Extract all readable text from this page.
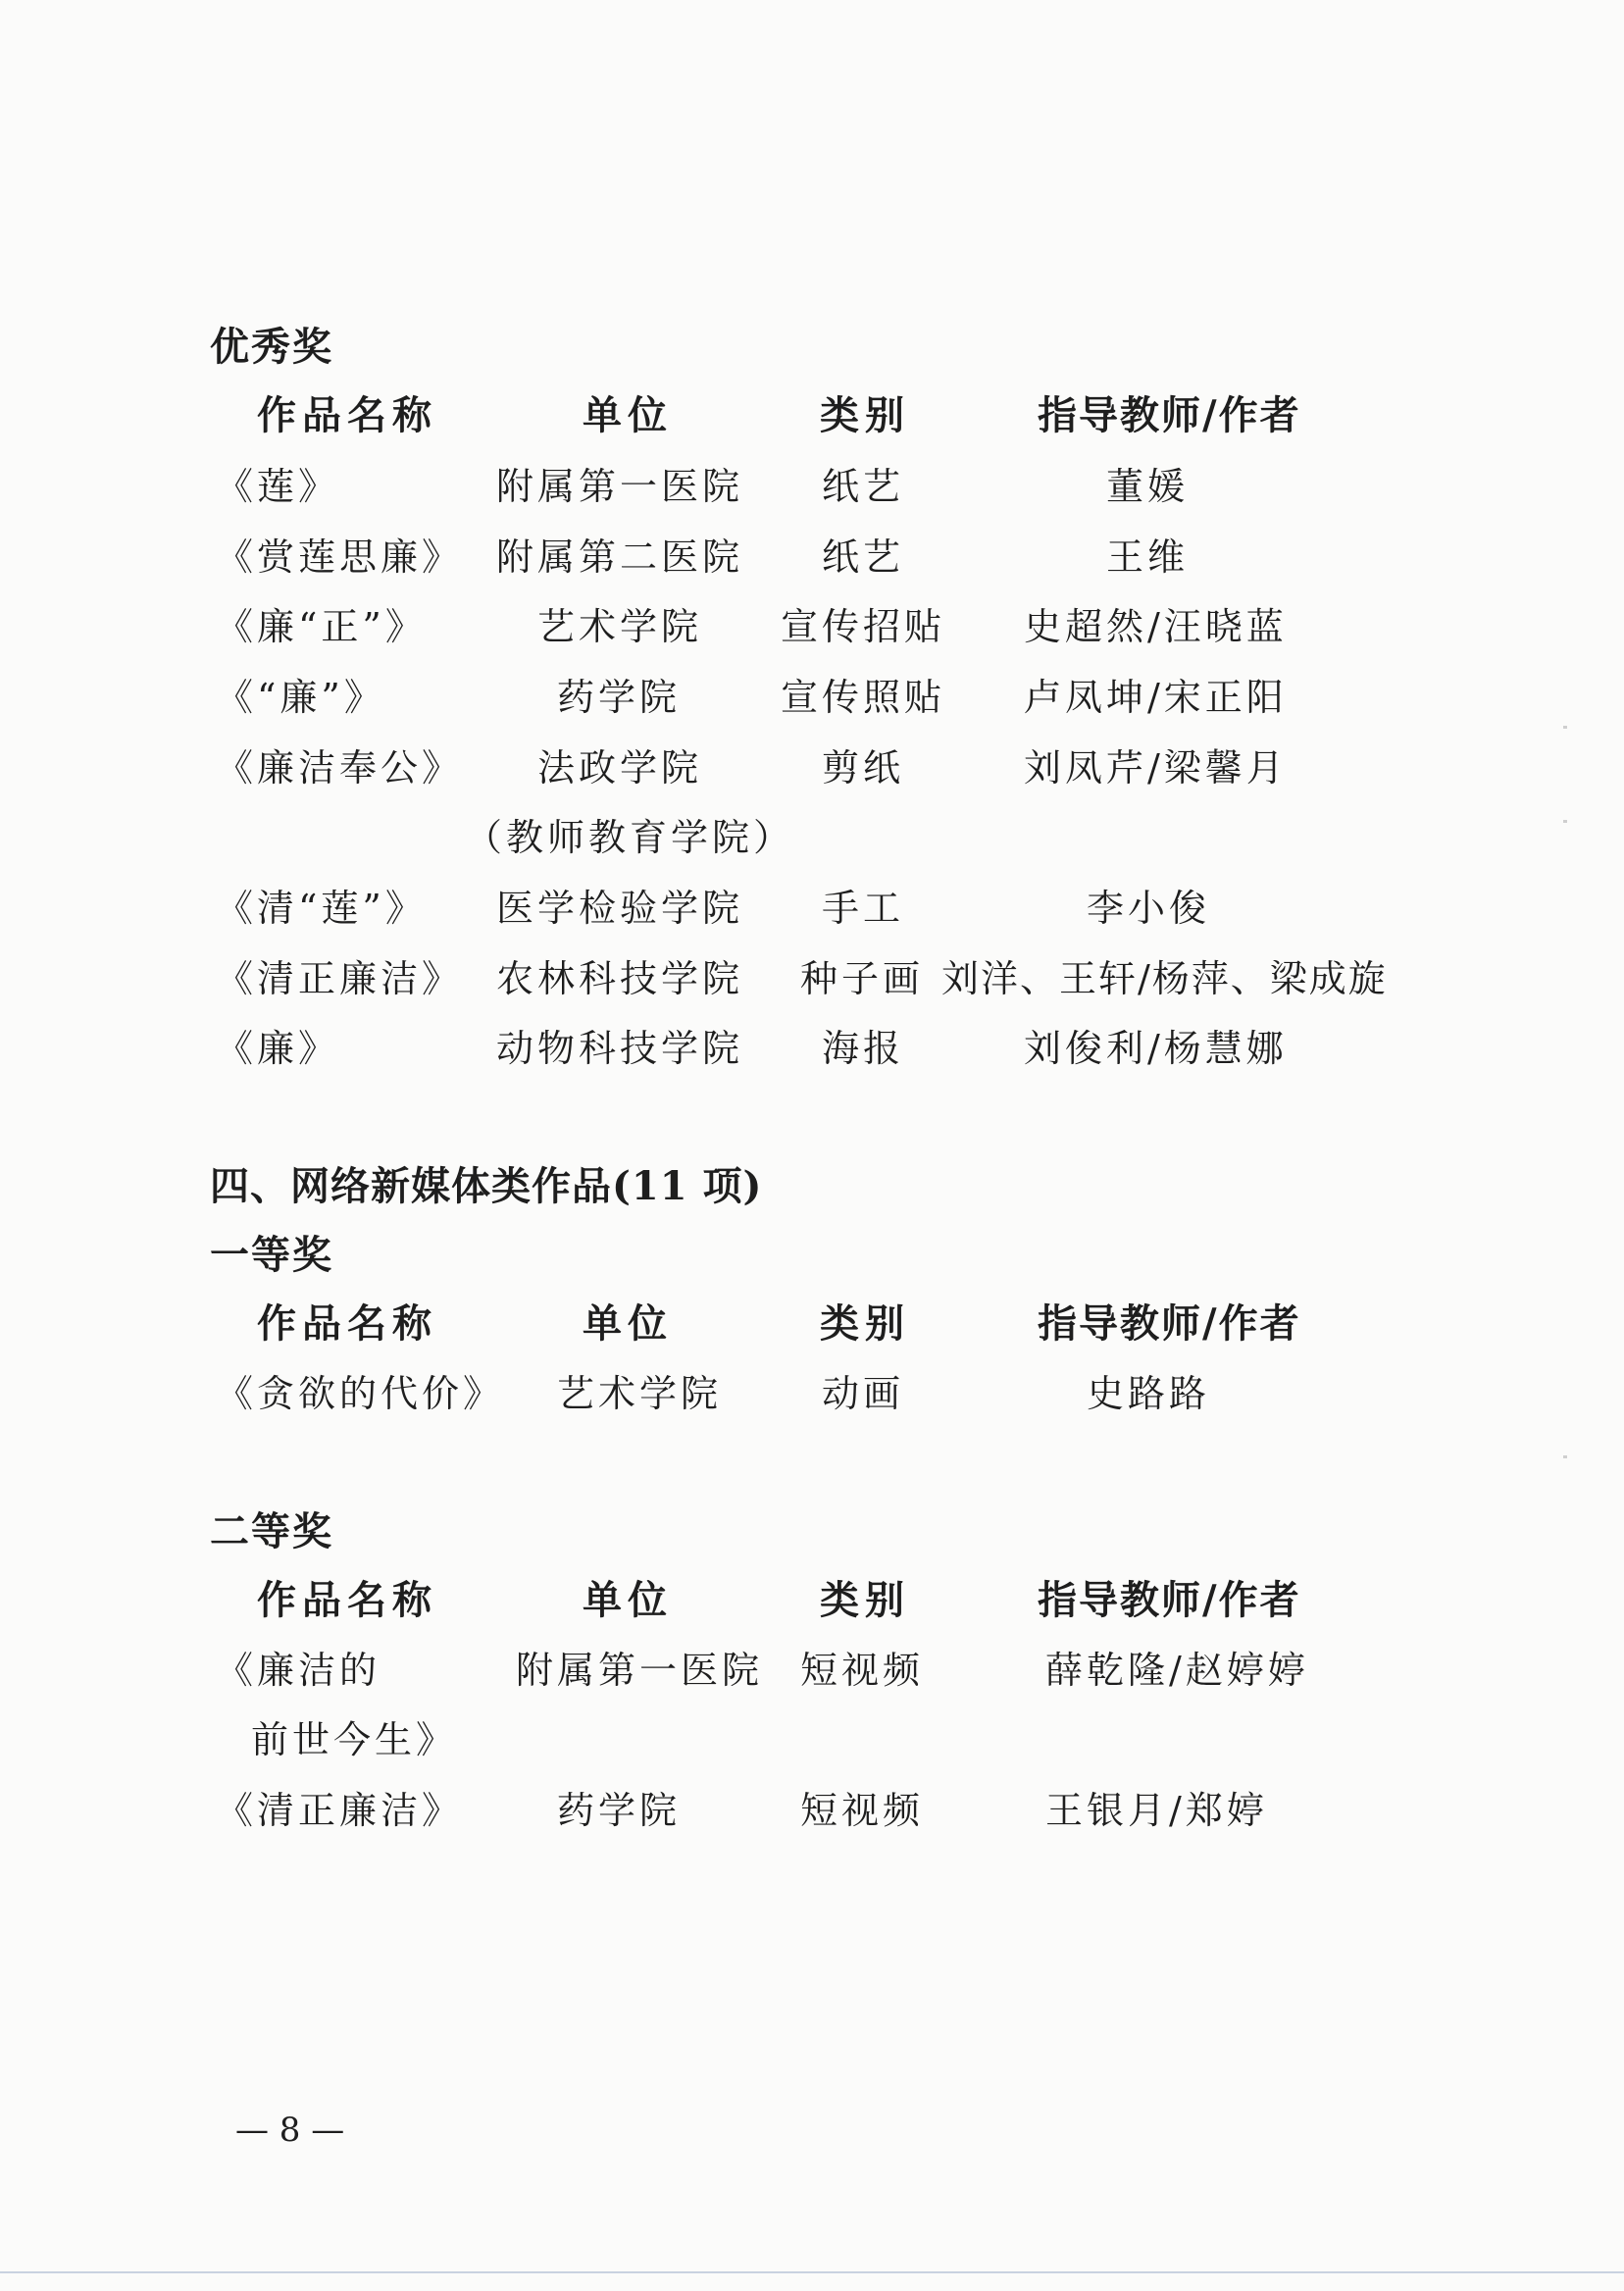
优秀奖
作品名称	单位	类别	指导教师/作者
《莲》	附属第一医院 纸艺	董媛
《赏莲思廉》 附属第二医院 纸艺	王维
《廉“正”》	艺术学院 宣传招贴 史超然/汪晓蓝
《“廉”》	药学院	宣传照贴 卢凤坤/宋正阳
《廉洁奉公》 法政学院	剪纸	刘凤芹/梁馨月
（教师教育学院）
《清“莲”》 医学检验学院 手工	李小俊
《清正廉洁》 农林科技学院 种子画 刘洋、王轩/杨萍、梁成旋
《廉》	动物科技学院 海报	刘俊利/杨慧娜
四、网络新媒体类作品(11 项)
一等奖
作品名称	单位	类别	指导教师/作者
《贪欲的代价》 艺术学院	动画	史路路
二等奖
作品名称	单位	类别	指导教师/作者
《廉洁的	附属第一医院 短视频	薛乾隆/赵婷婷
前世今生》
《清正廉洁》	药学院	短视频	王银月/郑婷
— 8 —
